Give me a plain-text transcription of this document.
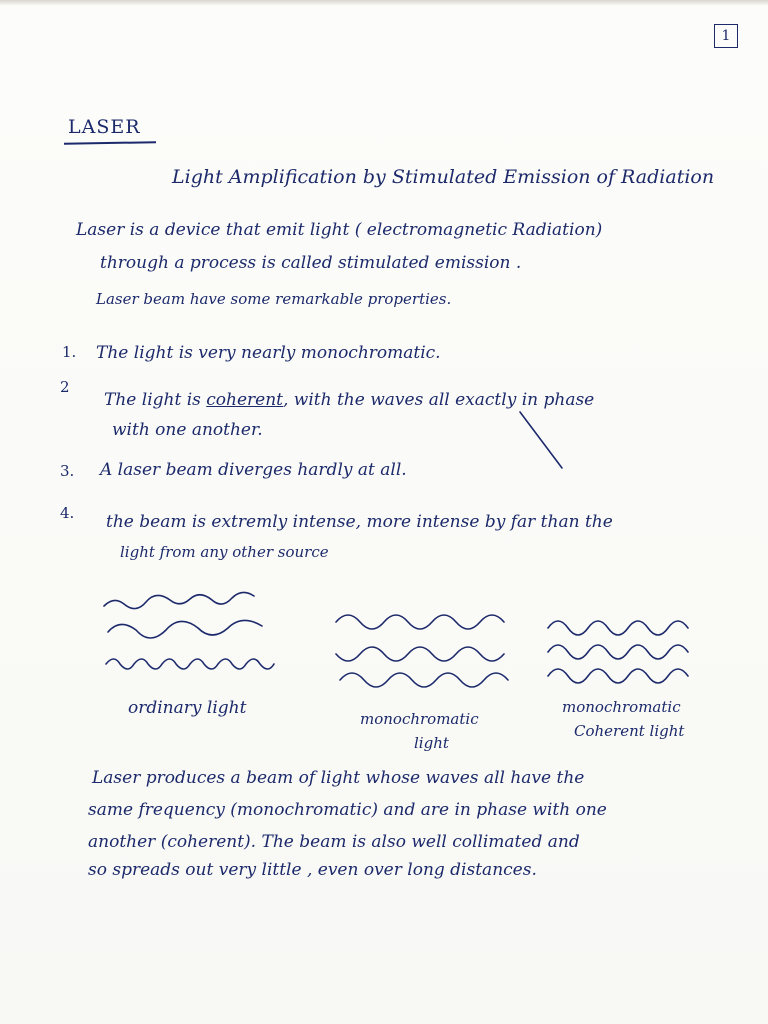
1
LASER
Light Amplification by Stimulated Emission of Radiation
Laser is a device that emit light ( electromagnetic Radiation)
through a process is called stimulated emission .
Laser beam have some remarkable properties.
1. The light is very nearly monochromatic.
2
The light is coherent, with the waves all exactly in phase
with one another.
3. A laser beam diverges hardly at all.
4. the beam is extremly intense, more intense by far than the
light from any other source
ordinary light
monochromatic
light
monochromatic
Coherent light
Laser produces a beam of light whose waves all have the
same frequency (monochromatic) and are in phase with one
another (coherent). The beam is also well collimated and
so spreads out very little , even over long distances.
